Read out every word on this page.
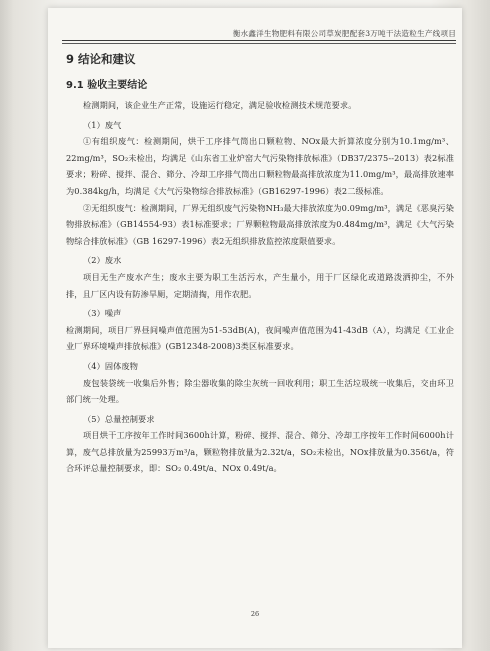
衡水鑫洋生物肥料有限公司草炭肥配套3万吨干法造粒生产线项目
9 结论和建议
9.1 验收主要结论

检测期间，该企业生产正常，设施运行稳定，满足验收检测技术规范要求。

（1）废气

①有组织废气：检测期间，烘干工序排气筒出口颗粒物、NOx最大折算浓度分别为10.1mg/m³、22mg/m³，SO₂未检出，均满足《山东省工业炉窑大气污染物排放标准》（DB37/2375--2013）表2标准要求；粉碎、搅拌、混合、筛分、冷却工序排气筒出口颗粒物最高排放浓度为11.0mg/m³，最高排放速率为0.384kg/h，均满足《大气污染物综合排放标准》（GB16297-1996）表2二级标准。

②无组织废气：检测期间，厂界无组织废气污染物NH₃最大排放浓度为0.09mg/m³，满足《恶臭污染物排放标准》（GB14554-93）表1标准要求；厂界颗粒物最高排放浓度为0.484mg/m³，满足《大气污染物综合排放标准》（GB 16297-1996）表2无组织排放监控浓度限值要求。

（2）废水

项目无生产废水产生；废水主要为职工生活污水，产生量小，用于厂区绿化或道路泼洒抑尘，不外排，且厂区内设有防渗旱厕，定期清掏，用作农肥。

（3）噪声

检测期间，项目厂界昼间噪声值范围为51-53dB(A)，夜间噪声值范围为41-43dB（A），均满足《工业企业厂界环境噪声排放标准》(GB12348-2008)3类区标准要求。

（4）固体废物

废包装袋统一收集后外售；除尘器收集的除尘灰统一回收利用；职工生活垃圾统一收集后，交由环卫部门统一处理。

（5）总量控制要求

项目烘干工序按年工作时间3600h计算，粉碎、搅拌、混合、筛分、冷却工序按年工作时间6000h计算，废气总排放量为25993万m³/a，颗粒物排放量为2.32t/a，SO₂未检出，NOx排放量为0.356t/a，符合环评总量控制要求，即：SO₂ 0.49t/a、NOx 0.49t/a。

26
